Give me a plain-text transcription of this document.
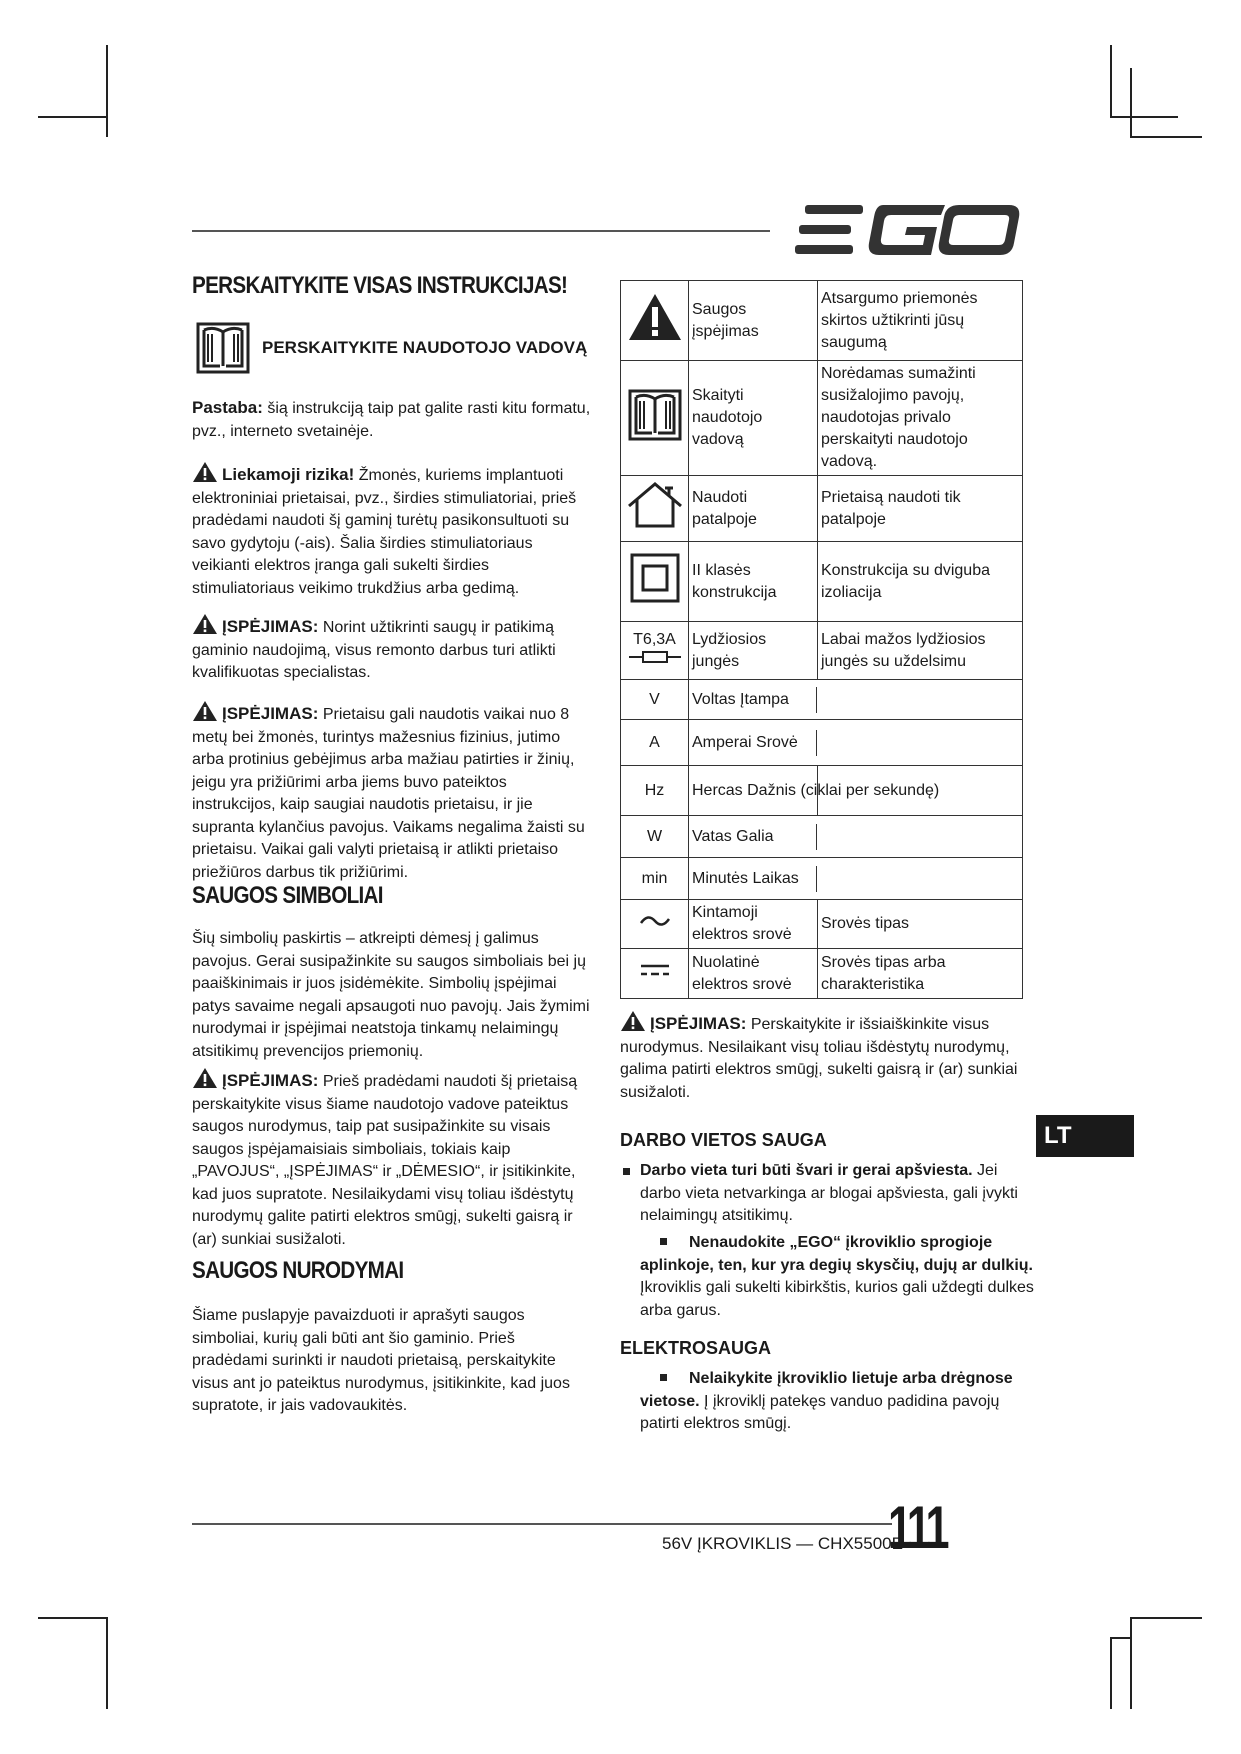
PERSKAITYKITE VISAS INSTRUKCIJAS!
PERSKAITYKITE NAUDOTOJO VADOVĄ

Pastaba: šią instrukciją taip pat galite rasti kitu formatu, pvz., interneto svetainėje.

Liekamoji rizika! Žmonės, kuriems implantuoti elektroniniai prietaisai, pvz., širdies stimuliatoriai, prieš pradėdami naudoti šį gaminį turėtų pasikonsultuoti su savo gydytoju (-ais). Šalia širdies stimuliatoriaus veikianti elektros įranga gali sukelti širdies stimuliatoriaus veikimo trukdžius arba gedimą.

ĮSPĖJIMAS: Norint užtikrinti saugų ir patikimą gaminio naudojimą, visus remonto darbus turi atlikti kvalifikuotas specialistas.

ĮSPĖJIMAS: Prietaisu gali naudotis vaikai nuo 8 metų bei žmonės, turintys mažesnius fizinius, jutimo arba protinius gebėjimus arba mažiau patirties ir žinių, jeigu yra prižiūrimi arba jiems buvo pateiktos instrukcijos, kaip saugiai naudotis prietaisu, ir jie supranta kylančius pavojus. Vaikams negalima žaisti su prietaisu. Vaikai gali valyti prietaisą ir atlikti prietaiso priežiūros darbus tik prižiūrimi.

SAUGOS SIMBOLIAI

Šių simbolių paskirtis – atkreipti dėmesį į galimus pavojus. Gerai susipažinkite su saugos simboliais bei jų paaiškinimais ir juos įsidėmėkite. Simbolių įspėjimai patys savaime negali apsaugoti nuo pavojų. Jais žymimi nurodymai ir įspėjimai neatstoja tinkamų nelaimingų atsitikimų prevencijos priemonių.

ĮSPĖJIMAS: Prieš pradėdami naudoti šį prietaisą perskaitykite visus šiame naudotojo vadove pateiktus saugos nurodymus, taip pat susipažinkite su visais saugos įspėjamaisiais simboliais, tokiais kaip „PAVOJUS“, „ĮSPĖJIMAS“ ir „DĖMESIO“, ir įsitikinkite, kad juos supratote. Nesilaikydami visų toliau išdėstytų nurodymų galite patirti elektros smūgį, sukelti gaisrą ir (ar) sunkiai susižaloti.

SAUGOS NURODYMAI

Šiame puslapyje pavaizduoti ir aprašyti saugos simboliai, kurių gali būti ant šio gaminio. Prieš pradėdami surinkti ir naudoti prietaisą, perskaitykite visus ant jo pateiktus nurodymus, įsitikinkite, kad juos supratote, ir jais vadovaukitės.

	Saugos įspėjimas	Atsargumo priemonės skirtos užtikrinti jūsų saugumą
	Skaityti naudotojo vadovą	Norėdamas sumažinti susižalojimo pavojų, naudotojas privalo perskaityti naudotojo vadovą.
	Naudoti patalpoje	Prietaisą naudoti tik patalpoje
	II klasės konstrukcija	Konstrukcija su dviguba izoliacija

T6,3A	Lydžiosios jungės	Labai mažos lydžiosios jungės su uždelsimu
V	Voltas Įtampa	

A	Amperai Srovė	

Hz	Hercas Dažnis (ciklai per sekundę)	

W	Vatas Galia	

min	Minutės Laikas	

	Kintamoji elektros srovė	Srovės tipas
	Nuolatinė elektros srovė	Srovės tipas arba charakteristika

ĮSPĖJIMAS: Perskaitykite ir išsiaiškinkite visus nurodymus. Nesilaikant visų toliau išdėstytų nurodymų, galima patirti elektros smūgį, sukelti gaisrą ir (ar) sunkiai susižaloti.

DARBO VIETOS SAUGA

Darbo vieta turi būti švari ir gerai apšviesta. Jei darbo vieta netvarkinga ar blogai apšviesta, gali įvykti nelaimingų atsitikimų.

Nenaudokite „EGO“ įkroviklio sprogioje aplinkoje, ten, kur yra degių skysčių, dujų ar dulkių. Įkroviklis gali sukelti kibirkštis, kurios gali uždegti dulkes arba garus.

ELEKTROSAUGA

Nelaikykite įkroviklio lietuje arba drėgnose vietose. Į įkroviklį patekęs vanduo padidina pavojų patirti elektros smūgį.

LT
56V ĮKROVIKLIS — CHX5500E
111
